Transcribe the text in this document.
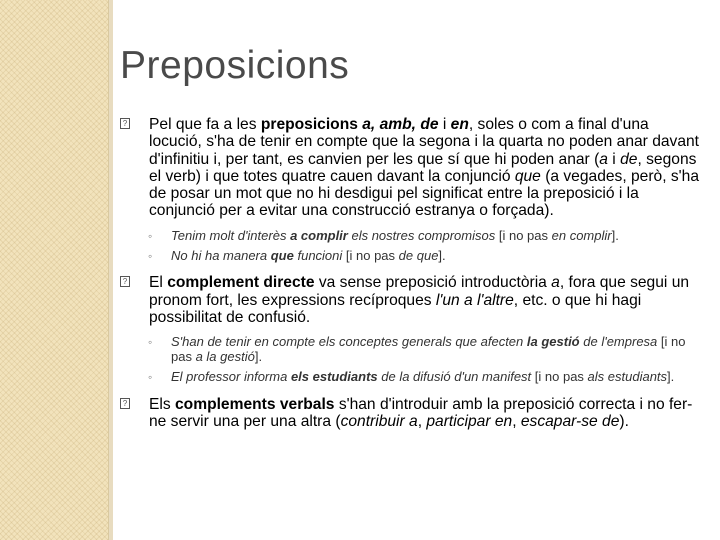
Preposicions
? Pel que fa a les preposicions a, amb, de i en, soles o com a final d'una locució, s'ha de tenir en compte que la segona i la quarta no poden anar davant d'infinitiu i, per tant, es canvien per les que sí que hi poden anar (a i de, segons el verb) i que totes quatre cauen davant la conjunció que (a vegades, però, s'ha de posar un mot que no hi desdigui pel significat entre la preposició i la conjunció per a evitar una construcció estranya o forçada).
◦ Tenim molt d'interès a complir els nostres compromisos [i no pas en complir].
◦ No hi ha manera que funcioni [i no pas de que].
? El complement directe va sense preposició introductòria a, fora que segui un pronom fort, les expressions recíproques l'un a l'altre, etc. o que hi hagi possibilitat de confusió.
◦ S'han de tenir en compte els conceptes generals que afecten la gestió de l'empresa [i no pas a la gestió].
◦ El professor informa els estudiants de la difusió d'un manifest [i no pas als estudiants].
? Els complements verbals s'han d'introduir amb la preposició correcta i no fer-ne servir una per una altra (contribuir a, participar en, escapar-se de).
